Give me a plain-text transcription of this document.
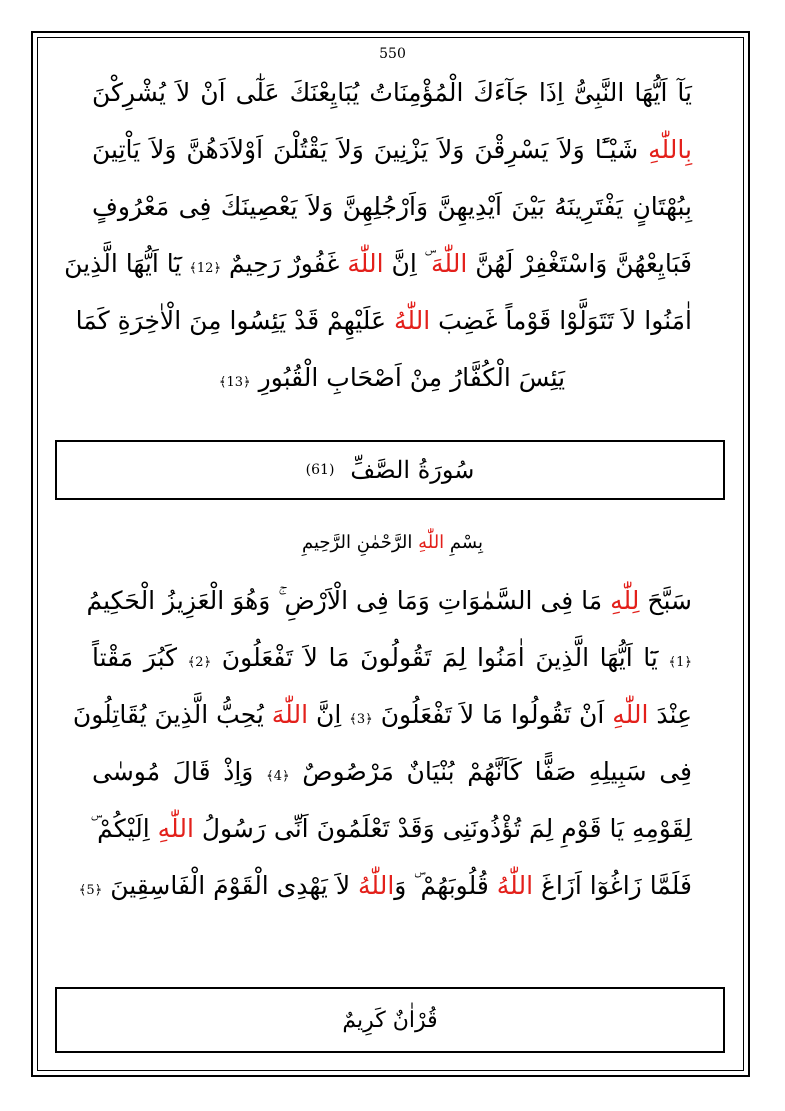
550
يَآ اَيُّهَا النَّبِىُّ اِذَا جَآءَكَ الْمُؤْمِنَاتُ يُبَايِعْنَكَ عَلٰٓى اَنْ لاَ يُشْرِكْنَ
بِاللّٰهِ شَيْـًٔا وَلاَ يَسْرِقْنَ وَلاَ يَزْنِينَ وَلاَ يَقْتُلْنَ اَوْلاَدَهُنَّ وَلاَ يَاْتِينَ
بِبُهْتَانٍ يَفْتَرِينَهُ بَيْنَ اَيْدِيهِنَّ وَاَرْجُلِهِنَّ وَلاَ يَعْصِينَكَ فِى مَعْرُوفٍ
فَبَايِعْهُنَّ وَاسْتَغْفِرْ لَهُنَّ اللّٰهَ ۜ اِنَّ اللّٰهَ غَفُورٌ رَحِيمٌ ﴿12﴾ يَٓا اَيُّهَا الَّذِينَ
اٰمَنُوا لاَ تَتَوَلَّوْا قَوْماً غَضِبَ اللّٰهُ عَلَيْهِمْ قَدْ يَئِسُوا مِنَ الْاٰخِرَةِ كَمَا
يَئِسَ الْكُفَّارُ مِنْ اَصْحَابِ الْقُبُورِ ﴿13﴾
سُورَةُ الصَّفِّ
(61)
بِسْمِ اللّٰهِ الرَّحْمٰنِ الرَّحِيمِ
سَبَّحَ لِلّٰهِ مَا فِى السَّمٰوَاتِ وَمَا فِى الْاَرْضِ ۚ وَهُوَ الْعَزِيزُ الْحَكِيمُ
﴿1﴾ يَٓا اَيُّهَا الَّذِينَ اٰمَنُوا لِمَ تَقُولُونَ مَا لاَ تَفْعَلُونَ ﴿2﴾ كَبُرَ مَقْتاً
عِنْدَ اللّٰهِ اَنْ تَقُولُوا مَا لاَ تَفْعَلُونَ ﴿3﴾ اِنَّ اللّٰهَ يُحِبُّ الَّذِينَ يُقَاتِلُونَ
فِى سَبِيلِهِ صَفًّا كَاَنَّهُمْ بُنْيَانٌ مَرْصُوصٌ ﴿4﴾ وَاِذْ قَالَ مُوسٰى
لِقَوْمِهِ يَا قَوْمِ لِمَ تُؤْذُونَنِى وَقَدْ تَعْلَمُونَ اَنِّى رَسُولُ اللّٰهِ اِلَيْكُمْ ۜ
فَلَمَّا زَاغُوٓا اَزَاغَ اللّٰهُ قُلُوبَهُمْ ۜ وَاللّٰهُ لاَ يَهْدِى الْقَوْمَ الْفَاسِقِينَ ﴿5﴾
قُرْاٰنٌ كَرِيمٌ
